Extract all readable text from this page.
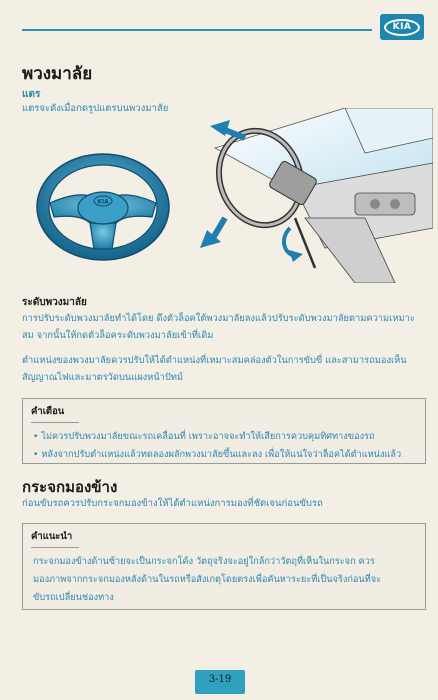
KIA
พวงมาลัย
แตร
แตรจะดังเมื่อกดรูปแตรบนพวงมาลัย
KIA
ระดับพวงมาลัย
การปรับระดับพวงมาลัยทำได้โดย ดึงตัวล็อคใต้พวงมาลัยลงแล้วปรับระดับพวงมาลัยตามความเหมาะ
สม จากนั้นให้กดตัวล็อคระดับพวงมาลัยเข้าที่เดิม
ตำแหน่งของพวงมาลัยควรปรับให้ได้ตำแหน่งที่เหมาะสมคล่องตัวในการขับขี่ และสามารถมองเห็น
สัญญาณไฟและมาตรวัดบนแผงหน้าปัทม์
คำเตือน
• ไม่ควรปรับพวงมาลัยขณะรถเคลื่อนที่ เพราะอาจจะทำให้เสียการควบคุมทิศทางของรถ
• หลังจากปรับตำแหน่งแล้วทดลองผลักพวงมาลัยขึ้นและลง เพื่อให้แน่ใจว่าล็อคได้ตำแหน่งแล้ว
กระจกมองข้าง
ก่อนขับรถควรปรับกระจกมองข้างให้ได้ตำแหน่งการมองที่ชัดเจนก่อนขับรถ
คำแนะนำ
กระจกมองข้างด้านซ้ายจะเป็นกระจกโค้ง วัตถุจริงจะอยู่ใกล้กว่าวัตถุที่เห็นในกระจก ควร
มองภาพจากกระจกมองหลังด้านในรถหรือสังเกตุโดยตรงเพื่อคันหาระยะที่เป็นจริงก่อนที่จะ
ขับรถเปลี่ยนช่องทาง
3-19
